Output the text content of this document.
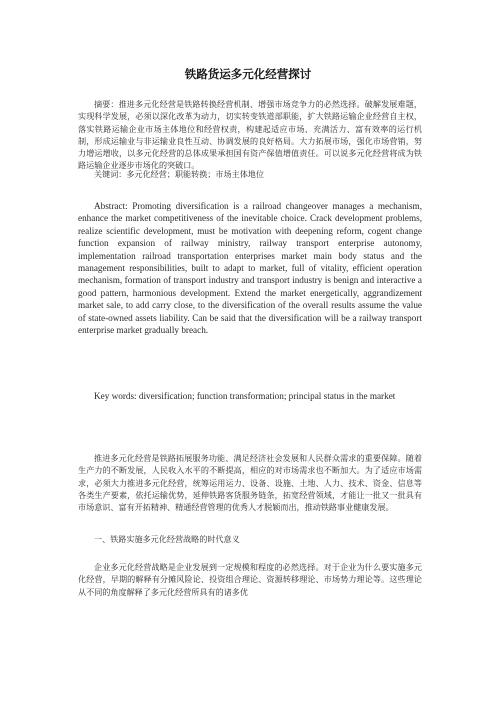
铁路货运多元化经营探讨

摘要：推进多元化经营是铁路转换经营机制、增强市场竞争力的必然选择。破解发展难题，实现科学发展，必须以深化改革为动力，切实转变铁道部职能，扩大铁路运输企业经营自主权，落实铁路运输企业市场主体地位和经营权责，构建起适应市场、充满活力、富有效率的运行机制，形成运输业与非运输业良性互动、协调发展的良好格局。大力拓展市场，强化市场营销，努力增运增收，以多元化经营的总体成果承担国有资产保值增值责任。可以说多元化经营将成为铁路运输企业逐步市场化的突破口。

关键词：多元化经营；职能转换；市场主体地位

Abstract: Promoting diversification is a railroad changeover manages a mechanism, enhance the market competitiveness of the inevitable choice. Crack development problems, realize scientific development, must be motivation with deepening reform, cogent change function expansion of railway ministry, railway transport enterprise autonomy, implementation railroad transportation enterprises market main body status and the management responsibilities, built to adapt to market, full of vitality, efficient operation mechanism, formation of transport industry and transport industry is benign and interactive a good pattern, harmonious development. Extend the market energetically, aggrandizement market sale, to add carry close, to the diversification of the overall results assume the value of state-owned assets liability. Can be said that the diversification will be a railway transport enterprise market gradually breach.

Key words: diversification; function transformation; principal status in the market

推进多元化经营是铁路拓展服务功能、满足经济社会发展和人民群众需求的重要保障。随着生产力的不断发展，人民收入水平的不断提高，相应的对市场需求也不断加大。为了适应市场需求，必须大力推进多元化经营，统筹运用运力、设备、设施、土地、人力、技术、资金、信息等各类生产要素，依托运输优势，延伸铁路客货服务链条，拓宽经营领域，才能让一批又一批具有市场意识、富有开拓精神、精通经营管理的优秀人才脱颖而出，推动铁路事业健康发展。

一、铁路实施多元化经营战略的时代意义

企业多元化经营战略是企业发展到一定规模和程度的必然选择。对于企业为什么要实施多元化经营，早期的解释有分摊风险论、投资组合理论、资源转移理论、市场势力理论等。这些理论从不同的角度解释了多元化经营所具有的诸多优
